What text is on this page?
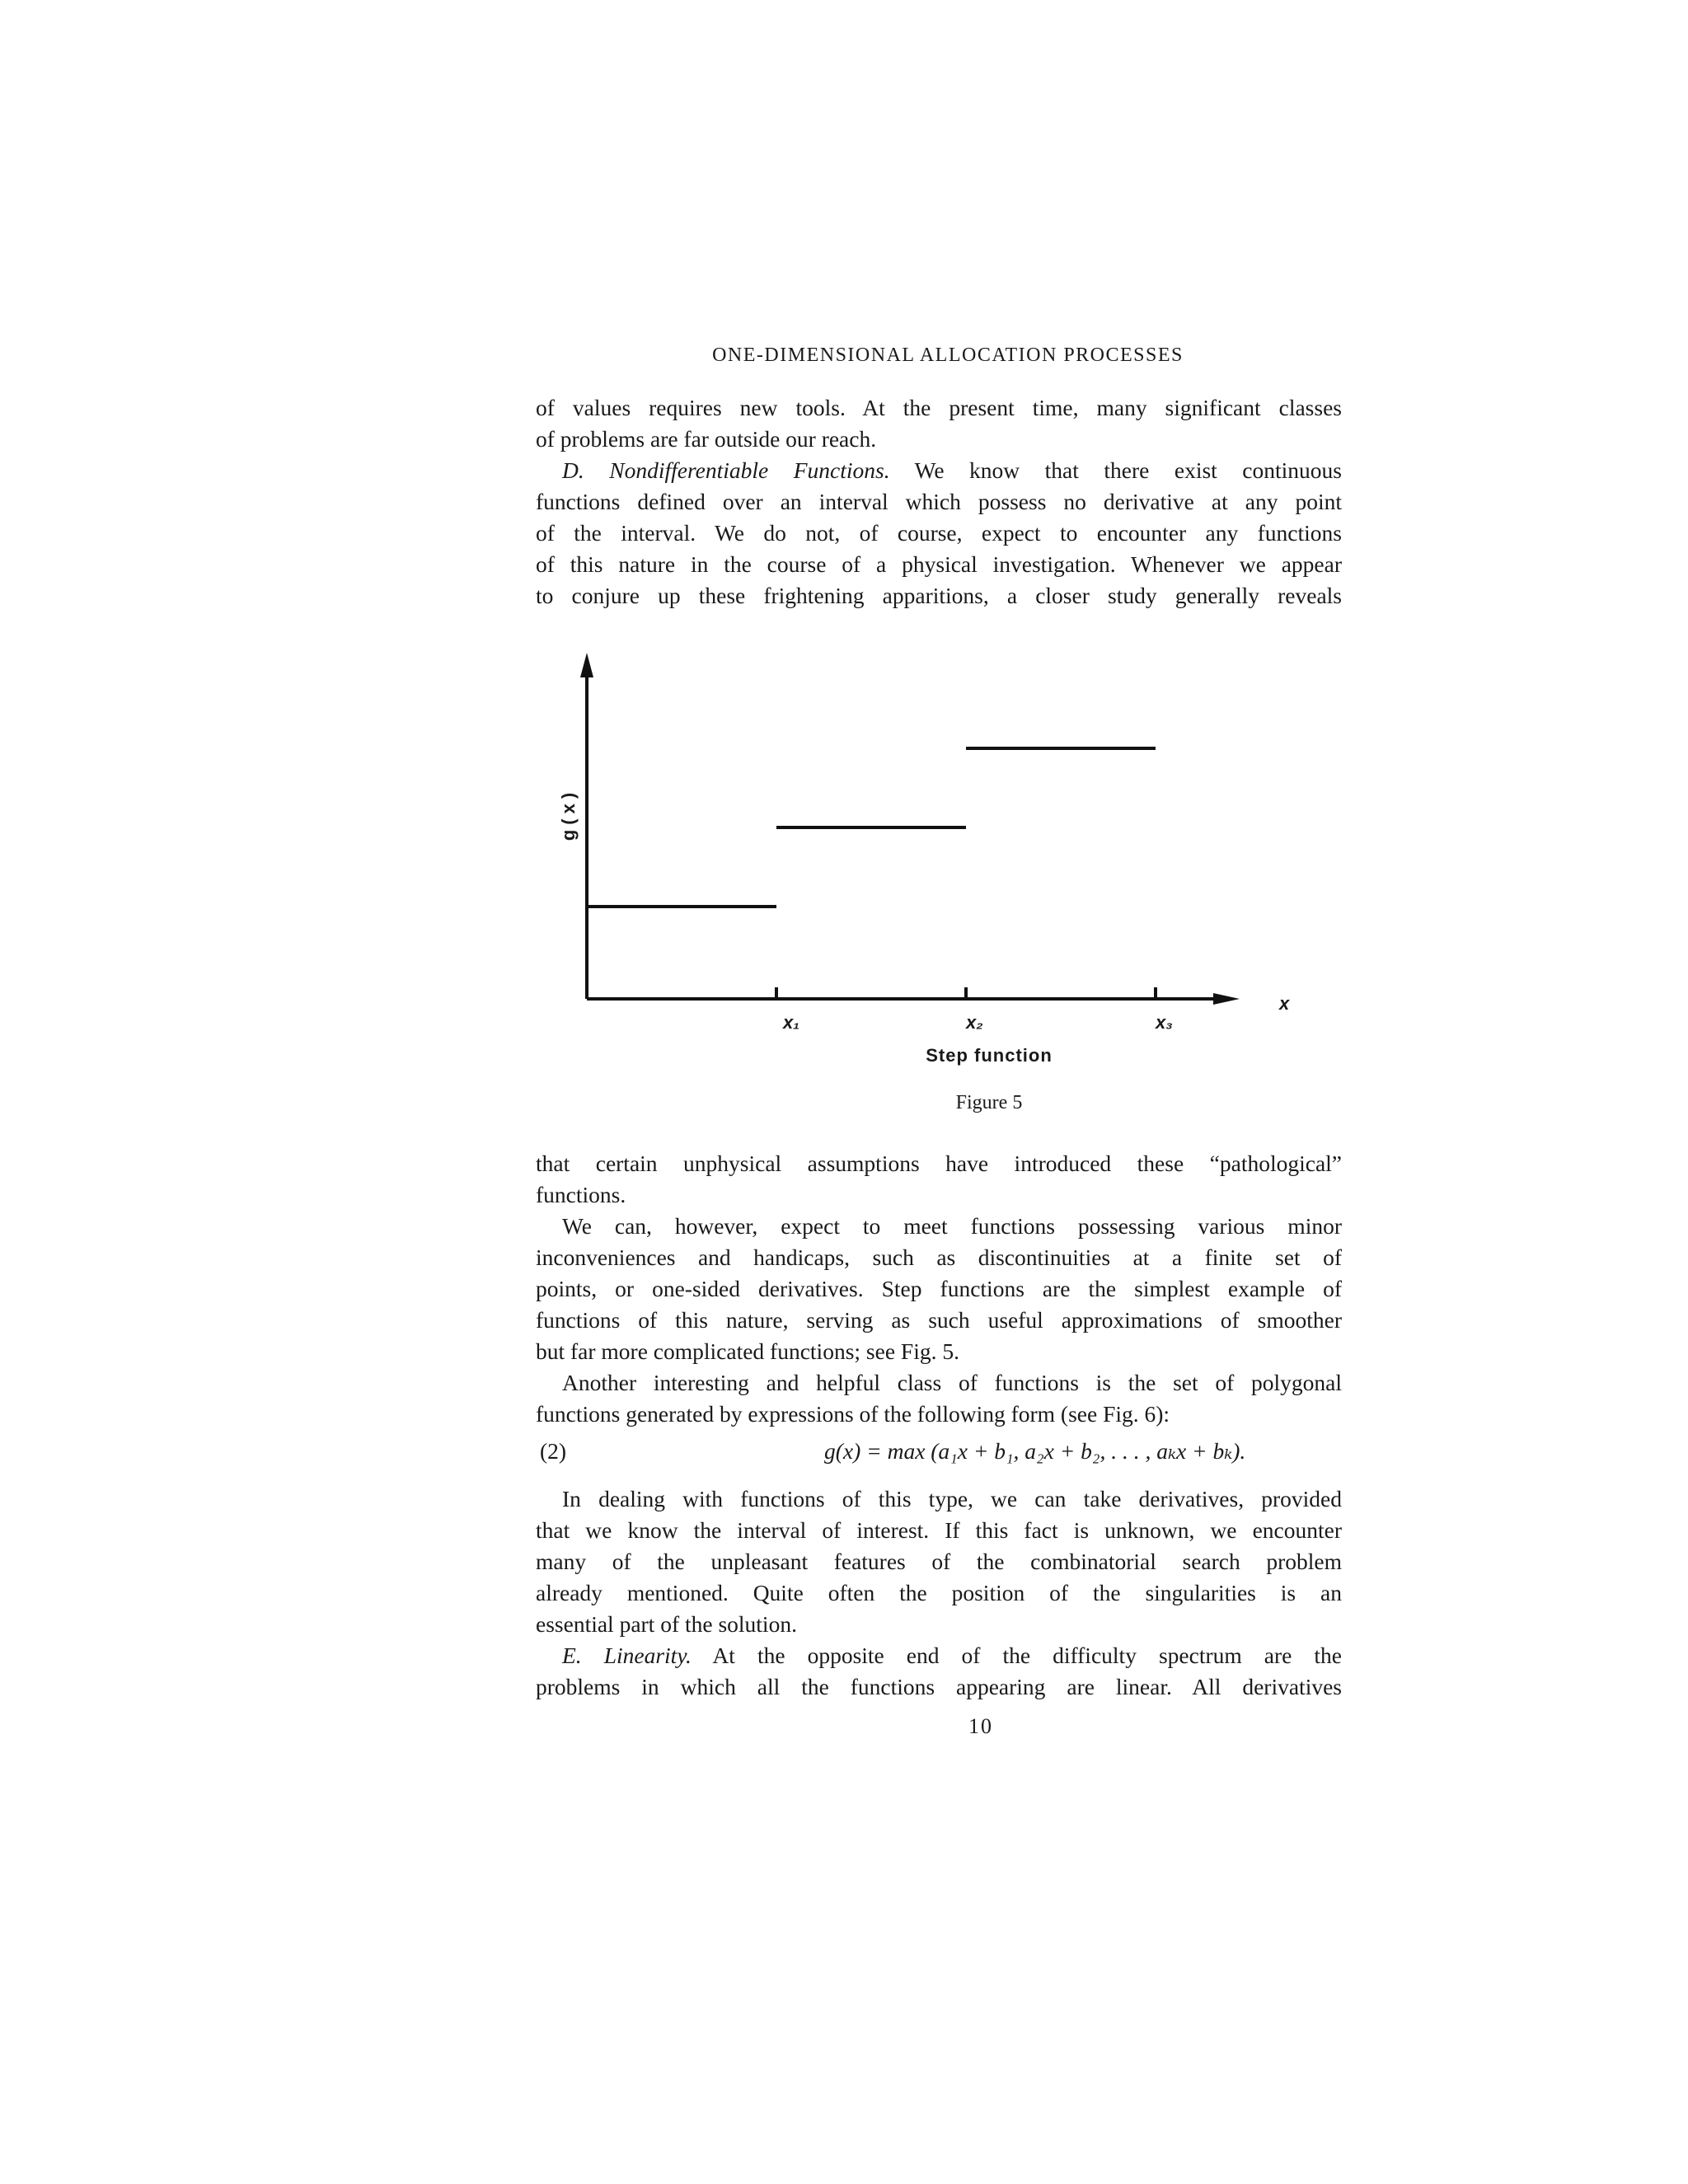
ONE-DIMENSIONAL ALLOCATION PROCESSES
of values requires new tools. At the present time, many significant classes
of problems are far outside our reach.
D. Nondifferentiable Functions. We know that there exist continuous
functions defined over an interval which possess no derivative at any point
of the interval. We do not, of course, expect to encounter any functions
of this nature in the course of a physical investigation. Whenever we appear
to conjure up these frightening apparitions, a closer study generally reveals
g(x)
x
x₁	x₂	x₃
Step function
Figure 5
that certain unphysical assumptions have introduced these “pathological”
functions.
We can, however, expect to meet functions possessing various minor
inconveniences and handicaps, such as discontinuities at a finite set of
points, or one-sided derivatives. Step functions are the simplest example of
functions of this nature, serving as such useful approximations of smoother
but far more complicated functions; see Fig. 5.
Another interesting and helpful class of functions is the set of polygonal
functions generated by expressions of the following form (see Fig. 6):
(2)	g(x) = max (a₁x + b₁, a₂x + b₂, . . . , aₖx + bₖ).
In dealing with functions of this type, we can take derivatives, provided
that we know the interval of interest. If this fact is unknown, we encounter
many of the unpleasant features of the combinatorial search problem
already mentioned. Quite often the position of the singularities is an
essential part of the solution.
E. Linearity. At the opposite end of the difficulty spectrum are the
problems in which all the functions appearing are linear. All derivatives
10
